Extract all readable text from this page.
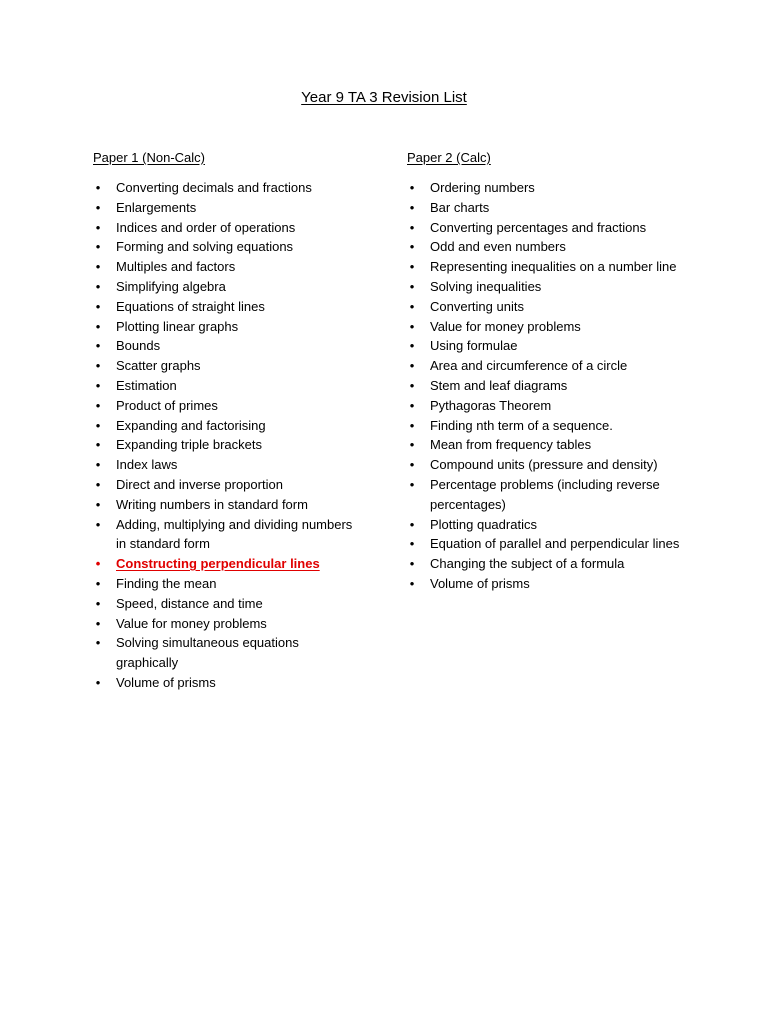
Year 9 TA 3 Revision List
Paper 1 (Non-Calc)
• Converting decimals and fractions
• Enlargements
• Indices and order of operations
• Forming and solving equations
• Multiples and factors
• Simplifying algebra
• Equations of straight lines
• Plotting linear graphs
• Bounds
• Scatter graphs
• Estimation
• Product of primes
• Expanding and factorising
• Expanding triple brackets
• Index laws
• Direct and inverse proportion
• Writing numbers in standard form
• Adding, multiplying and dividing numbers in standard form
• Constructing perpendicular lines
• Finding the mean
• Speed, distance and time
• Value for money problems
• Solving simultaneous equations graphically
• Volume of prisms
Paper 2 (Calc)
• Ordering numbers
• Bar charts
• Converting percentages and fractions
• Odd and even numbers
• Representing inequalities on a number line
• Solving inequalities
• Converting units
• Value for money problems
• Using formulae
• Area and circumference of a circle
• Stem and leaf diagrams
• Pythagoras Theorem
• Finding nth term of a sequence.
• Mean from frequency tables
• Compound units (pressure and density)
• Percentage problems (including reverse percentages)
• Plotting quadratics
• Equation of parallel and perpendicular lines
• Changing the subject of a formula
• Volume of prisms
